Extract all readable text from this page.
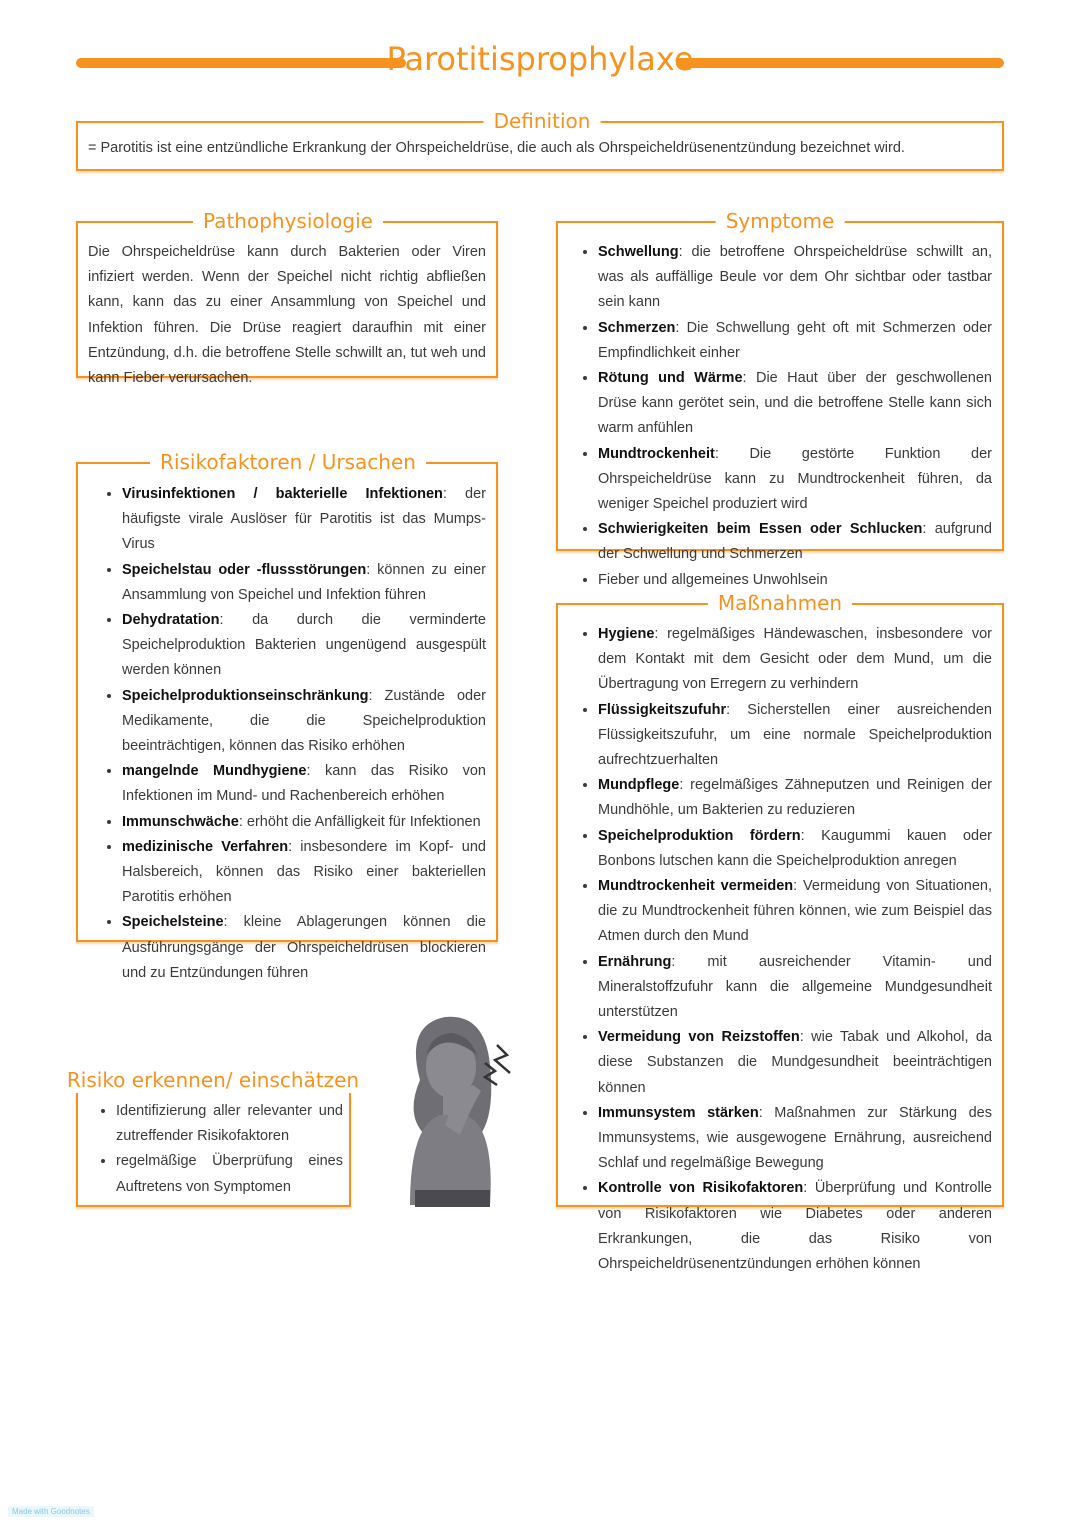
Parotitisprophylaxe
Definition
= Parotitis ist eine entzündliche Erkrankung der Ohrspeicheldrüse, die auch als Ohrspeicheldrüsenentzündung bezeichnet wird.
Pathophysiologie
Die Ohrspeicheldrüse kann durch Bakterien oder Viren infiziert werden. Wenn der Speichel nicht richtig abfließen kann, kann das zu einer Ansammlung von Speichel und Infektion führen. Die Drüse reagiert daraufhin mit einer Entzündung, d.h. die betroffene Stelle schwillt an, tut weh und kann Fieber verursachen.
Risikofaktoren / Ursachen
• Virusinfektionen / bakterielle Infektionen: der häufigste virale Auslöser für Parotitis ist das Mumps-Virus
• Speichelstau oder -flussstörungen: können zu einer Ansammlung von Speichel und Infektion führen
• Dehydratation: da durch die verminderte Speichelproduktion Bakterien ungenügend ausgespült werden können
• Speichelproduktionseinschränkung: Zustände oder Medikamente, die die Speichelproduktion beeinträchtigen, können das Risiko erhöhen
• mangelnde Mundhygiene: kann das Risiko von Infektionen im Mund- und Rachenbereich erhöhen
• Immunschwäche: erhöht die Anfälligkeit für Infektionen
• medizinische Verfahren: insbesondere im Kopf- und Halsbereich, können das Risiko einer bakteriellen Parotitis erhöhen
• Speichelsteine: kleine Ablagerungen können die Ausführungsgänge der Ohrspeicheldrüsen blockieren und zu Entzündungen führen
Risiko erkennen/ einschätzen
• Identifizierung aller relevanter und zutreffender Risikofaktoren
• regelmäßige Überprüfung eines Auftretens von Symptomen
Symptome
• Schwellung: die betroffene Ohrspeicheldrüse schwillt an, was als auffällige Beule vor dem Ohr sichtbar oder tastbar sein kann
• Schmerzen: Die Schwellung geht oft mit Schmerzen oder Empfindlichkeit einher
• Rötung und Wärme: Die Haut über der geschwollenen Drüse kann gerötet sein, und die betroffene Stelle kann sich warm anfühlen
• Mundtrockenheit: Die gestörte Funktion der Ohrspeicheldrüse kann zu Mundtrockenheit führen, da weniger Speichel produziert wird
• Schwierigkeiten beim Essen oder Schlucken: aufgrund der Schwellung und Schmerzen
• Fieber und allgemeines Unwohlsein
Maßnahmen
• Hygiene: regelmäßiges Händewaschen, insbesondere vor dem Kontakt mit dem Gesicht oder dem Mund, um die Übertragung von Erregern zu verhindern
• Flüssigkeitszufuhr: Sicherstellen einer ausreichenden Flüssigkeitszufuhr, um eine normale Speichelproduktion aufrechtzuerhalten
• Mundpflege: regelmäßiges Zähneputzen und Reinigen der Mundhöhle, um Bakterien zu reduzieren
• Speichelproduktion fördern: Kaugummi kauen oder Bonbons lutschen kann die Speichelproduktion anregen
• Mundtrockenheit vermeiden: Vermeidung von Situationen, die zu Mundtrockenheit führen können, wie zum Beispiel das Atmen durch den Mund
• Ernährung: mit ausreichender Vitamin- und Mineralstoffzufuhr kann die allgemeine Mundgesundheit unterstützen
• Vermeidung von Reizstoffen: wie Tabak und Alkohol, da diese Substanzen die Mundgesundheit beeinträchtigen können
• Immunsystem stärken: Maßnahmen zur Stärkung des Immunsystems, wie ausgewogene Ernährung, ausreichend Schlaf und regelmäßige Bewegung
• Kontrolle von Risikofaktoren: Überprüfung und Kontrolle von Risikofaktoren wie Diabetes oder anderen Erkrankungen, die das Risiko von Ohrspeicheldrüsenentzündungen erhöhen können
Made with Goodnotes
